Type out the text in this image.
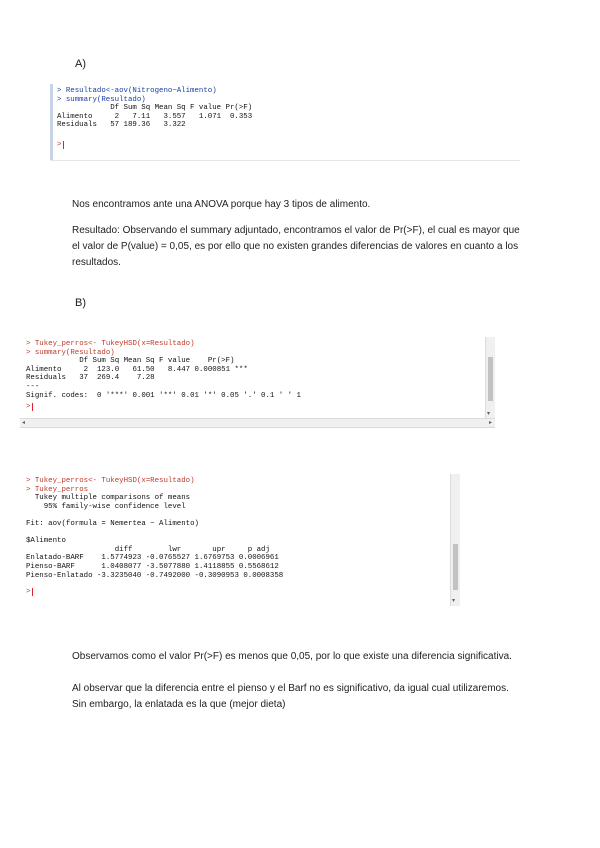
A)
> Resultado<-aov(Nitrogeno~Alimento)
> summary(Resultado)
Df Sum Sq Mean Sq F value Pr(>F)
Alimento     2   7.11   3.557   1.071  0.353
Residuals   57 189.36   3.322
>
Nos encontramos ante una ANOVA porque hay 3 tipos de alimento.
Resultado: Observando el summary adjuntado, encontramos el valor de Pr(>F), el cual es mayor que el valor de P(value) = 0,05, es por ello que no existen grandes diferencias de valores en cuanto a los resultados.
B)
> Tukey_perros<- TukeyHSD(x=Resultado)
> summary(Resultado)
Df Sum Sq Mean Sq F value    Pr(>F)
Alimento     2  123.0   61.50   8.447 0.000851 ***
Residuals   37  269.4    7.28
---
Signif. codes:  0 '***' 0.001 '**' 0.01 '*' 0.05 '.' 0.1 ' ' 1
>
▾
◂	▸
> Tukey_perros<- TukeyHSD(x=Resultado)
> Tukey_perros
Tukey multiple comparisons of means
95% family-wise confidence level
Fit: aov(formula = Nemertea ~ Alimento)
$Alimento
diff        lwr       upr     p adj
Enlatado-BARF    1.5774923 -0.0765527 1.6769753 0.0006961
Pienso-BARF      1.0408077 -3.5077880 1.4118855 0.5568612
Pienso-Enlatado -3.3235040 -0.7492000 -0.3090953 0.0008358
>
▾
Observamos como el valor Pr(>F) es menos que 0,05, por lo que existe una diferencia significativa.
Al observar que la diferencia entre el pienso y el Barf no es significativo, da igual cual utilizaremos. Sin embargo, la enlatada es la que (mejor dieta)
